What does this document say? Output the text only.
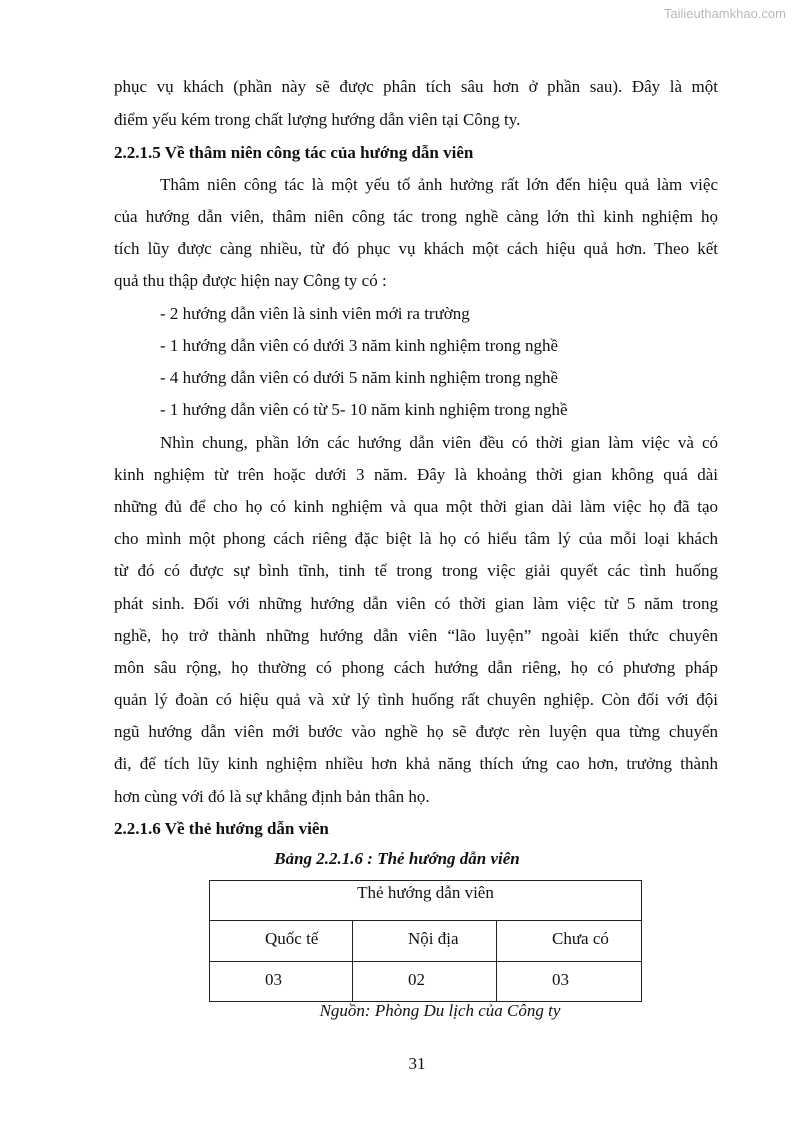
Tailieuthamkhao.com
phục vụ khách (phần này sẽ được phân tích sâu hơn ở phần sau). Đây là một
điểm yếu kém trong chất lượng hướng dẫn viên tại Công ty.
2.2.1.5 Về thâm niên công tác của hướng dẫn viên
Thâm niên công tác là một yếu tố ảnh hưởng rất lớn đến hiệu quả làm việc
của hướng dẫn viên, thâm niên công tác trong nghề càng lớn thì kinh nghiệm họ
tích lũy được càng nhiều, từ đó phục vụ khách một cách hiệu quả hơn. Theo kết
quả thu thập được hiện nay Công ty có :
- 2 hướng dẫn viên là sinh viên mới ra trường
- 1 hướng dẫn viên có dưới 3 năm kinh nghiệm trong nghề
- 4 hướng dẫn viên có dưới 5 năm kinh nghiệm trong nghề
- 1 hướng dẫn viên có từ 5- 10 năm kinh nghiệm trong nghề
Nhìn chung, phần lớn các hướng dẫn viên đều có thời gian làm việc và có
kinh nghiệm từ trên hoặc dưới 3 năm. Đây là khoảng thời gian không quá dài
những đủ để cho họ có kinh nghiệm và qua một thời gian dài làm việc họ đã tạo
cho mình một phong cách riêng đặc biệt là họ có hiểu tâm lý của mỗi loại khách
từ đó có được sự bình tĩnh, tinh tế trong trong việc giải quyết các tình huống
phát sinh. Đối với những hướng dẫn viên có thời gian làm việc từ 5 năm trong
nghề, họ trở thành những hướng dẫn viên “lão luyện” ngoài kiến thức chuyên
môn sâu rộng, họ thường có phong cách hướng dẫn riêng, họ có phương pháp
quản lý đoàn có hiệu quả và xử lý tình huống rất chuyên nghiệp. Còn đối với đội
ngũ hướng dẫn viên mới bước vào nghề họ sẽ được rèn luyện qua từng chuyến
đi, để tích lũy kinh nghiệm nhiều hơn khả năng thích ứng cao hơn, trưởng thành
hơn cùng với đó là sự khẳng định bản thân họ.
2.2.1.6 Về thẻ hướng dẫn viên
Bảng 2.2.1.6 : Thẻ hướng dẫn viên
Thẻ hướng dẫn viên		

Quốc tế	Nội địa	Chưa có

03	02	03
Nguồn: Phòng Du lịch của Công ty
31
